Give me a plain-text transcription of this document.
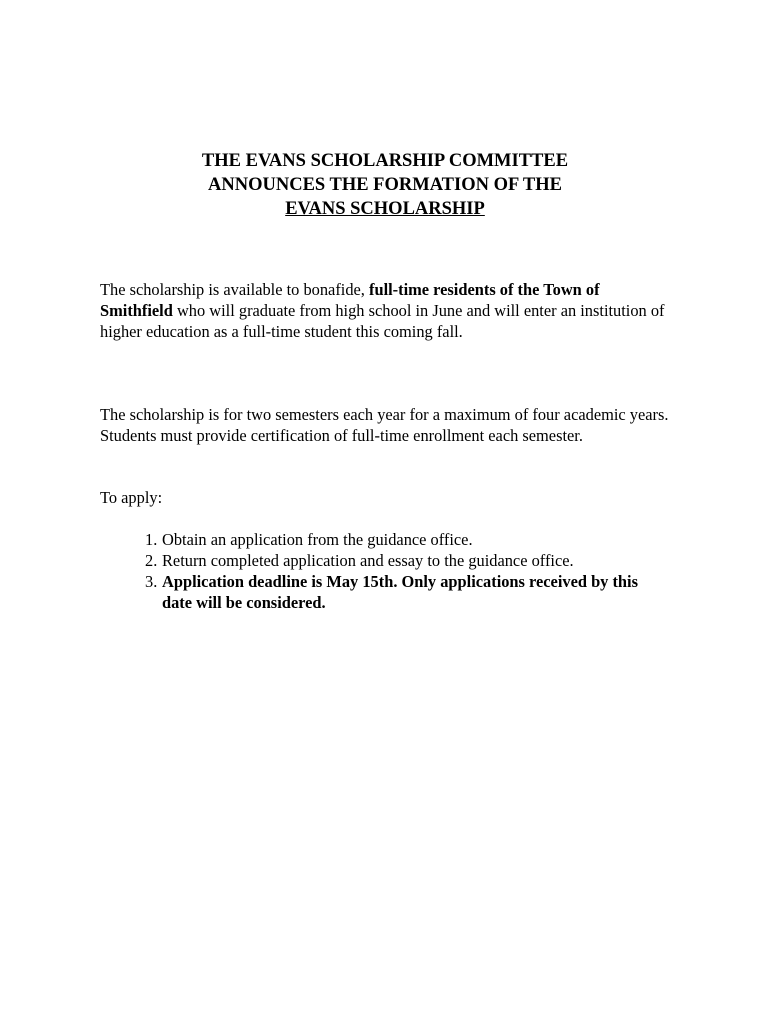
THE EVANS SCHOLARSHIP COMMITTEE
ANNOUNCES THE FORMATION OF THE
EVANS SCHOLARSHIP

The scholarship is available to bonafide, full-time residents of the Town of Smithfield who will graduate from high school in June and will enter an institution of higher education as a full-time student this coming fall.

The scholarship is for two semesters each year for a maximum of four academic years. Students must provide certification of full-time enrollment each semester.

To apply:

1. Obtain an application from the guidance office.
2. Return completed application and essay to the guidance office.
3. Application deadline is May 15th. Only applications received by this date will be considered.
